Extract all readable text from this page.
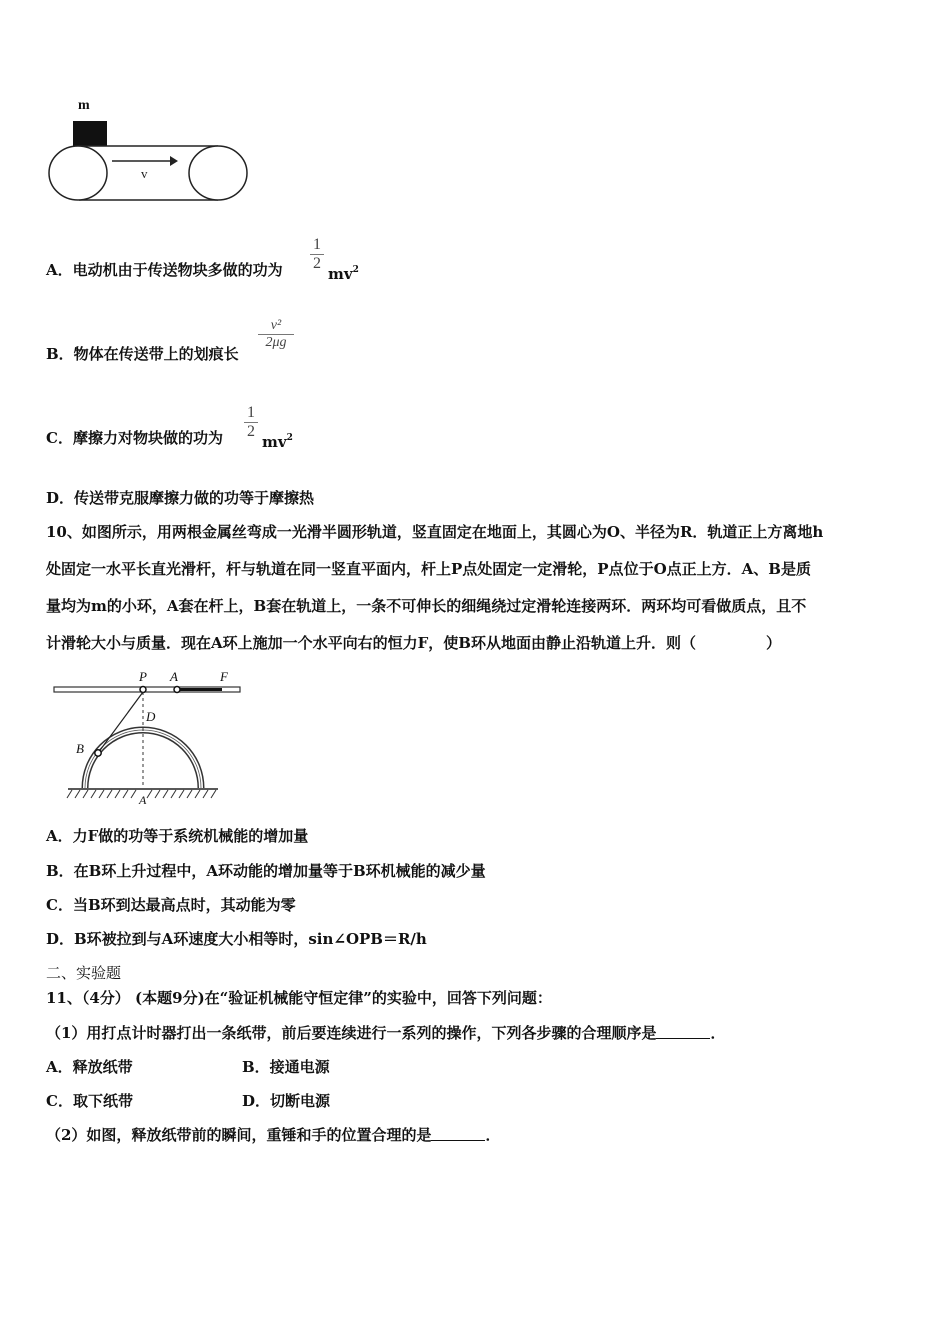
m
v
A．电动机由于传送物块多做的功为 $\frac{1}{2}$
$mv^2$
B．物体在传送带上的划痕长
$\frac{\text{v²}}{2\mu g}$
C．摩擦力对物块做的功为 $\frac{1}{2}$
$mv^2$
D．传送带克服摩擦力做的功等于摩擦热
10、如图所示，用两根金属丝弯成一光滑半圆形轨道，竖直固定在地面上，其圆心为O、半径为R．轨道正上方离地h
处固定一水平长直光滑杆，杆与轨道在同一竖直平面内，杆上P点处固定一定滑轮，P点位于O点正上方．A、B是质
量均为m的小环，A套在杆上，B套在轨道上，一条不可伸长的细绳绕过定滑轮连接两环．两环均可看做质点，且不
计滑轮大小与质量．现在A环上施加一个水平向右的恒力F，使B环从地面由静止沿轨道上升．则（	）
P A	F
D
B
A
A．力F做的功等于系统机械能的增加量
B．在B环上升过程中，A环动能的增加量等于B环机械能的减少量
C．当B环到达最高点时，其动能为零
D．B环被拉到与A环速度大小相等时，sin∠OPB＝R/h
二、实验题
11、（4分） (本题9分)在“验证机械能守恒定律”的实验中，回答下列问题：
（1）用打点计时器打出一条纸带，前后要连续进行一系列的操作，下列各步骤的合理顺序是	．
A．释放纸带	B．接通电源
C．取下纸带	D．切断电源
（2）如图，释放纸带前的瞬间，重锤和手的位置合理的是	．
